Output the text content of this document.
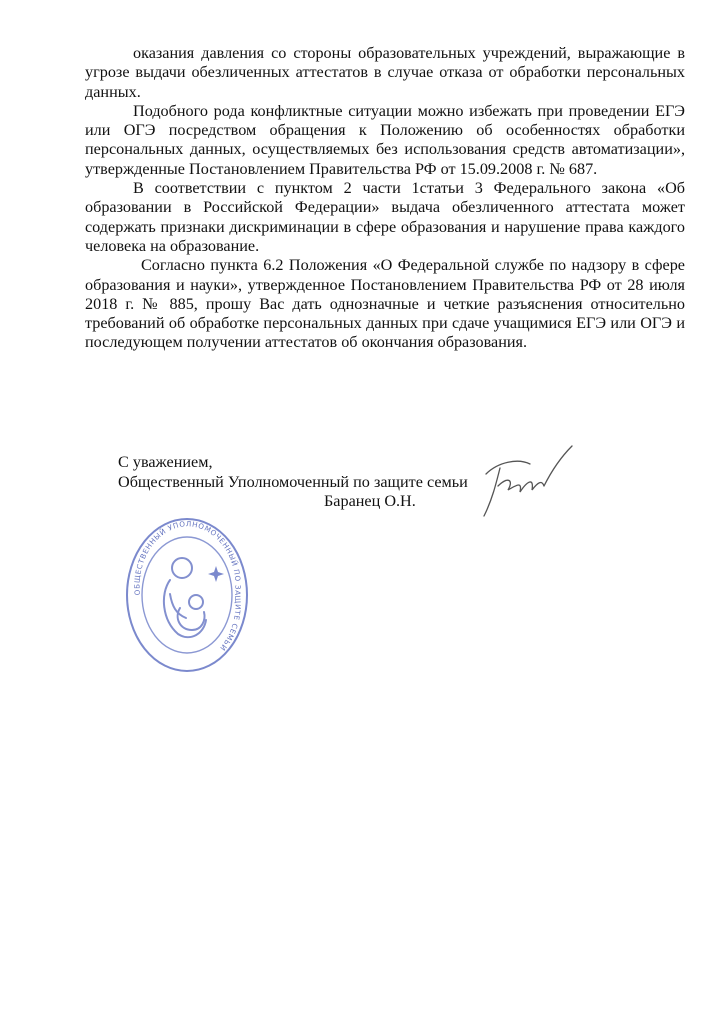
оказания давления со стороны образовательных учреждений, выражающие в угрозе выдачи обезличенных аттестатов в случае отказа от обработки персональных данных.

Подобного рода конфликтные ситуации можно избежать при проведении ЕГЭ или ОГЭ посредством обращения к Положению об особенностях обработки персональных данных, осуществляемых без использования средств автоматизации», утвержденные Постановлением Правительства РФ от 15.09.2008 г. № 687.

В соответствии с пунктом 2 части 1статьи 3 Федерального закона «Об образовании в Российской Федерации» выдача обезличенного аттестата может содержать признаки дискриминации в сфере образования и нарушение права каждого человека на образование.

Согласно пункта 6.2 Положения «О Федеральной службе по надзору в сфере образования и науки», утвержденное Постановлением Правительства РФ от 28 июля 2018 г. № 885, прошу Вас дать однозначные и четкие разъяснения относительно требований об обработке персональных данных при сдаче учащимися ЕГЭ или ОГЭ и последующем получении аттестатов об окончания образования.

С уважением,
Общественный Уполномоченный по защите семьи
Баранец О.Н.
ОБЩЕСТВЕННЫЙ УПОЛНОМОЧЕННЫЙ ПО ЗАЩИТЕ СЕМЬИ
